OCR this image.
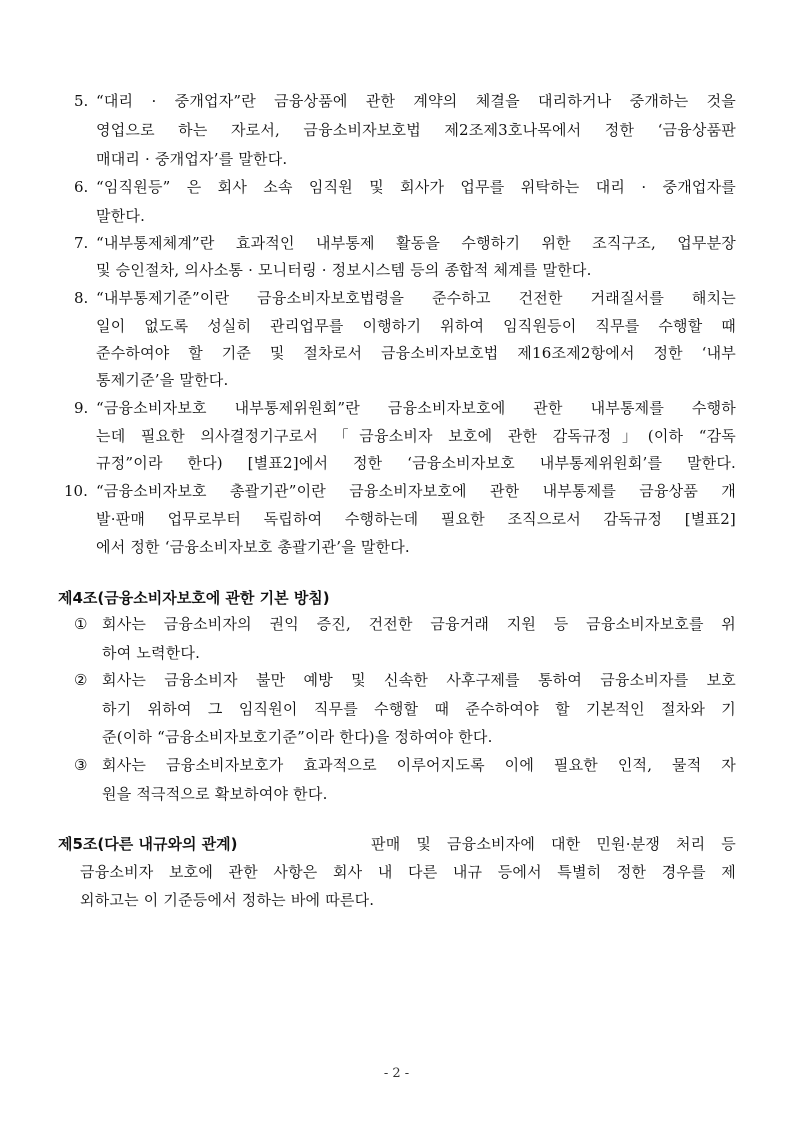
5. “대리 · 중개업자”란 금융상품에 관한 계약의 체결을 대리하거나 중개하는 것을
영업으로 하는 자로서, 금융소비자보호법 제2조제3호나목에서 정한 ‘금융상품판
매대리 · 중개업자’를 말한다.
6. “임직원등” 은 회사 소속 임직원 및 회사가 업무를 위탁하는 대리 · 중개업자를
말한다.
7. “내부통제체계”란 효과적인 내부통제 활동을 수행하기 위한 조직구조, 업무분장
및 승인절차, 의사소통 · 모니터링 · 정보시스템 등의 종합적 체계를 말한다.
8. “내부통제기준”이란 금융소비자보호법령을 준수하고 건전한 거래질서를 해치는
일이 없도록 성실히 관리업무를 이행하기 위하여 임직원등이 직무를 수행할 때
준수하여야 할 기준 및 절차로서 금융소비자보호법 제16조제2항에서 정한 ‘내부
통제기준’을 말한다.
9. “금융소비자보호 내부통제위원회”란 금융소비자보호에 관한 내부통제를 수행하
는데 필요한 의사결정기구로서 「금융소비자 보호에 관한 감독규정」(이하 “감독
규정”이라 한다) [별표2]에서 정한 ‘금융소비자보호 내부통제위원회’를 말한다.
10. “금융소비자보호 총괄기관”이란 금융소비자보호에 관한 내부통제를 금융상품 개
발·판매 업무로부터 독립하여 수행하는데 필요한 조직으로서 감독규정 [별표2]
에서 정한 ‘금융소비자보호 총괄기관’을 말한다.
제4조(금융소비자보호에 관한 기본 방침)
① 회사는 금융소비자의 권익 증진, 건전한 금융거래 지원 등 금융소비자보호를 위
하여 노력한다.
② 회사는 금융소비자 불만 예방 및 신속한 사후구제를 통하여 금융소비자를 보호
하기 위하여 그 임직원이 직무를 수행할 때 준수하여야 할 기본적인 절차와 기
준(이하 “금융소비자보호기준”이라 한다)을 정하여야 한다.
③ 회사는 금융소비자보호가 효과적으로 이루어지도록 이에 필요한 인적, 물적 자
원을 적극적으로 확보하여야 한다.
제5조(다른 내규와의 관계)	판매 및 금융소비자에 대한 민원·분쟁 처리 등
금융소비자 보호에 관한 사항은 회사 내 다른 내규 등에서 특별히 정한 경우를 제
외하고는 이 기준등에서 정하는 바에 따른다.
- 2 -
